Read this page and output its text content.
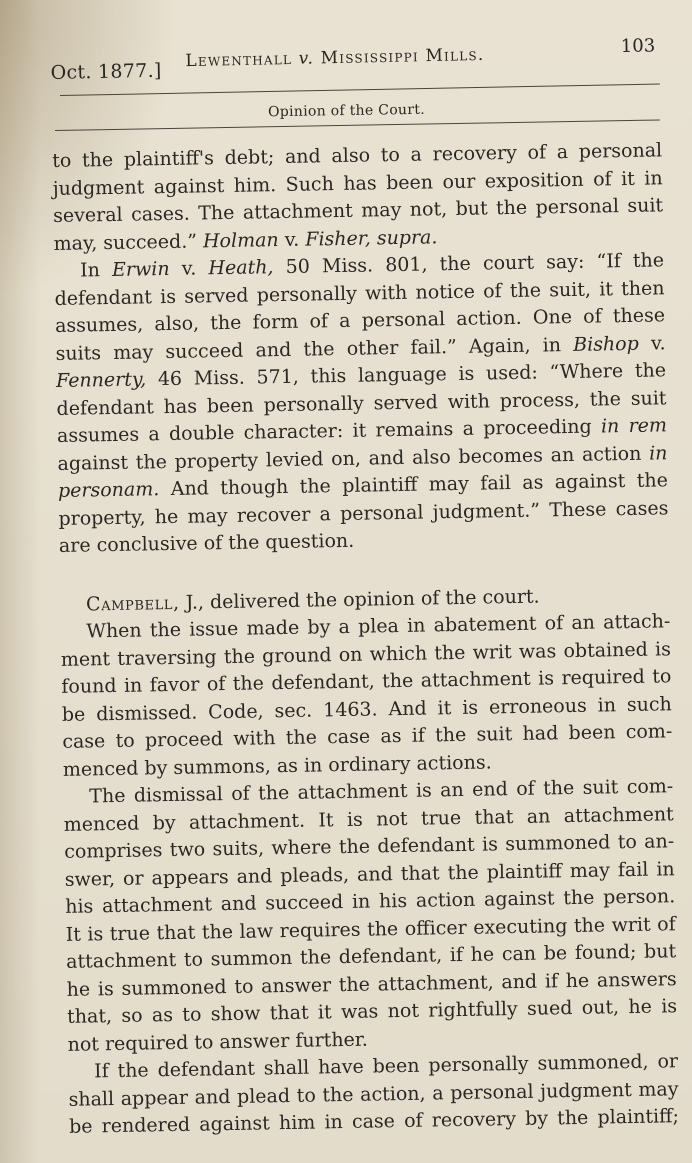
Oct. 1877.] Lewenthall v. Mississippi Mills.	103
Opinion of the Court.
to the plaintiff's debt; and also to a recovery of a personal
judgment against him. Such has been our exposition of it in
several cases. The attachment may not, but the personal suit
may, succeed.” Holman v. Fisher, supra.
In Erwin v. Heath, 50 Miss. 801, the court say: “If the
defendant is served personally with notice of the suit, it then
assumes, also, the form of a personal action. One of these
suits may succeed and the other fail.” Again, in Bishop v.
Fennerty, 46 Miss. 571, this language is used: “Where the
defendant has been personally served with process, the suit
assumes a double character: it remains a proceeding in rem
against the property levied on, and also becomes an action in
personam. And though the plaintiff may fail as against the
property, he may recover a personal judgment.” These cases
are conclusive of the question.
Campbell, J., delivered the opinion of the court.
When the issue made by a plea in abatement of an attach-
ment traversing the ground on which the writ was obtained is
found in favor of the defendant, the attachment is required to
be dismissed. Code, sec. 1463. And it is erroneous in such
case to proceed with the case as if the suit had been com-
menced by summons, as in ordinary actions.
The dismissal of the attachment is an end of the suit com-
menced by attachment. It is not true that an attachment
comprises two suits, where the defendant is summoned to an-
swer, or appears and pleads, and that the plaintiff may fail in
his attachment and succeed in his action against the person.
It is true that the law requires the officer executing the writ of
attachment to summon the defendant, if he can be found; but
he is summoned to answer the attachment, and if he answers
that, so as to show that it was not rightfully sued out, he is
not required to answer further.
If the defendant shall have been personally summoned, or
shall appear and plead to the action, a personal judgment may
be rendered against him in case of recovery by the plaintiff;
